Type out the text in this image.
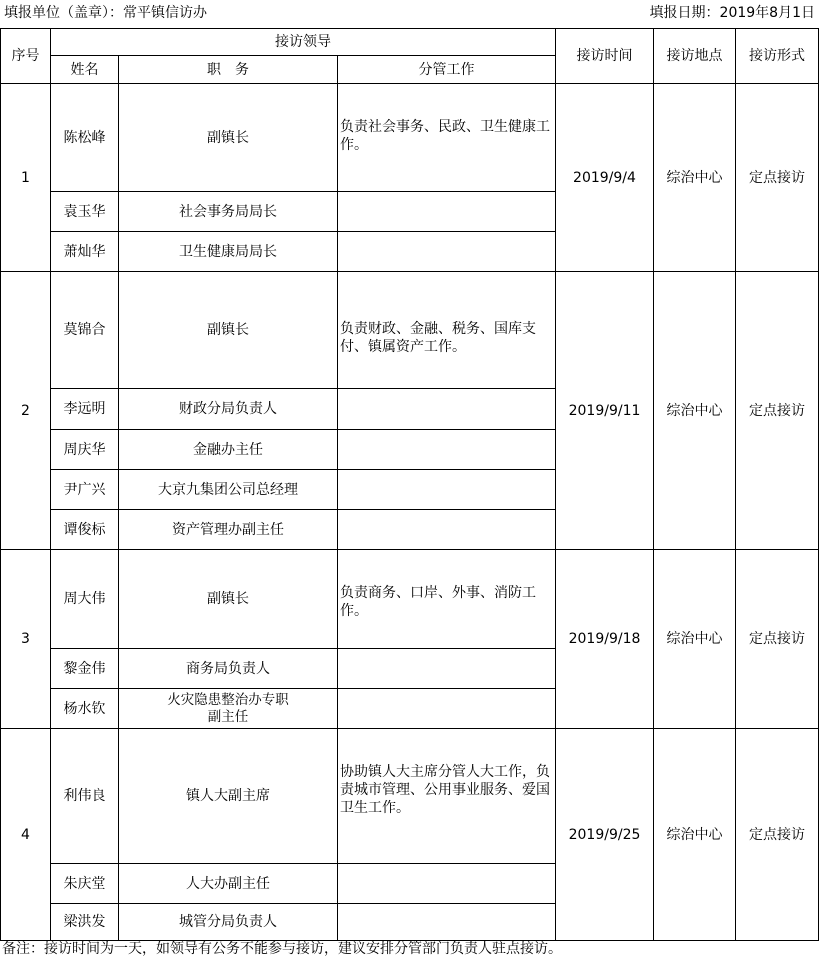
填报单位（盖章）：常平镇信访办	填报日期：2019年8月1日
序号	接访领导			接访时间	接访地点	接访形式
	姓名	职　务	分管工作			
1	陈松峰	副镇长	负责社会事务、民政、卫生健康工作。	2019/9/4	综治中心	定点接访
	袁玉华	社会事务局局长				
	萧灿华	卫生健康局局长				
2	莫锦合	副镇长	负责财政、金融、税务、国库支付、镇属资产工作。	2019/9/11	综治中心	定点接访
	李远明	财政分局负责人				
	周庆华	金融办主任				
	尹广兴	大京九集团公司总经理				
	谭俊标	资产管理办副主任				
3	周大伟	副镇长	负责商务、口岸、外事、消防工作。	2019/9/18	综治中心	定点接访
	黎金伟	商务局负责人				
	杨水钦	火灾隐患整治办专职
副主任				

4	利伟良	镇人大副主席	协助镇人大主席分管人大工作，负责城市管理、公用事业服务、爱国卫生工作。	2019/9/25	综治中心	定点接访
	朱庆堂	人大办副主任				
	梁洪发	城管分局负责人				
备注：接访时间为一天，如领导有公务不能参与接访，建议安排分管部门负责人驻点接访。
